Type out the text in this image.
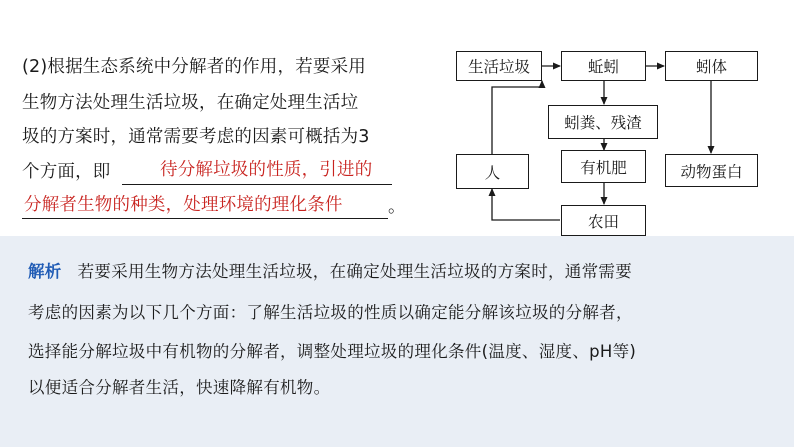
(2)根据生态系统中分解者的作用，若要采用
生物方法处理生活垃圾，在确定处理生活垃
圾的方案时，通常需要考虑的因素可概括为3
个方面，即	待分解垃圾的性质，引进的
分解者生物的种类，处理环境的理化条件	。
生活垃圾	蚯蚓	蚓体
蚓粪、残渣
有机肥	动物蛋白
人
农田
解析 若要采用生物方法处理生活垃圾，在确定处理生活垃圾的方案时，通常需要
考虑的因素为以下几个方面：了解生活垃圾的性质以确定能分解该垃圾的分解者，
选择能分解垃圾中有机物的分解者，调整处理垃圾的理化条件(温度、湿度、pH等)
以便适合分解者生活，快速降解有机物。
